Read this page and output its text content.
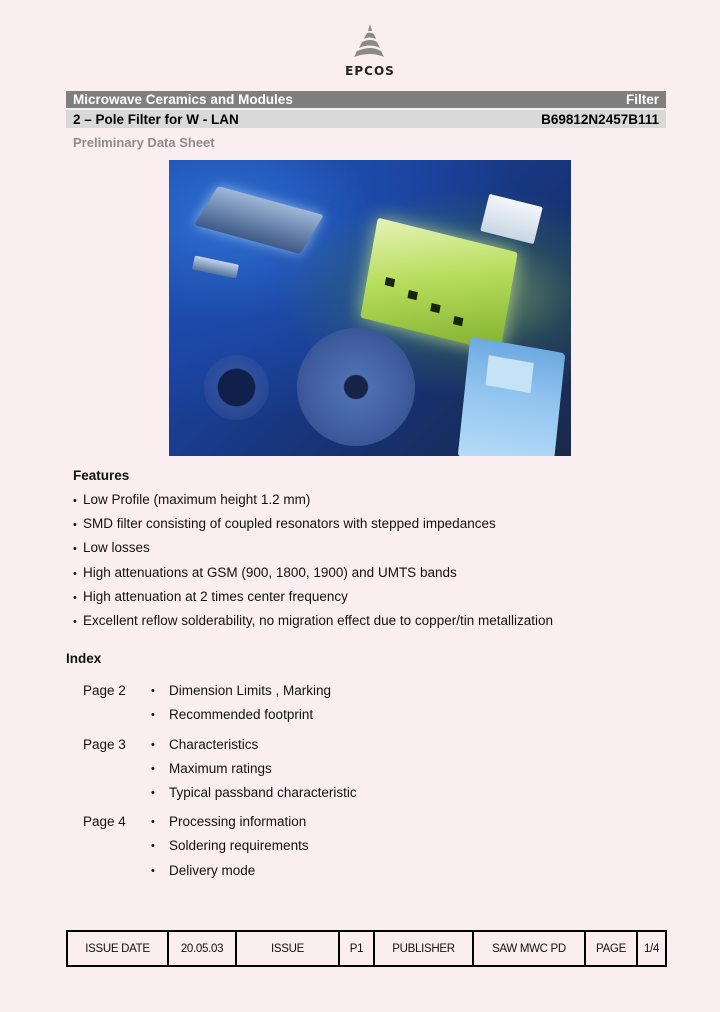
EPCOS
Microwave Ceramics and Modules	Filter
2 – Pole Filter for W - LAN	B69812N2457B111
Preliminary Data Sheet
Features
• Low Profile (maximum height 1.2 mm)
• SMD filter consisting of coupled resonators with stepped impedances
• Low losses
• High attenuations at GSM (900, 1800, 1900) and UMTS bands
• High attenuation at 2 times center frequency
• Excellent reflow solderability, no migration effect due to copper/tin metallization
Index
Page 2 • Dimension Limits , Marking
• Recommended footprint
Page 3 • Characteristics
• Maximum ratings
• Typical passband characteristic
Page 4 • Processing information
• Soldering requirements
• Delivery mode
ISSUE DATE	20.05.03	ISSUE	P1	PUBLISHER	SAW MWC PD	PAGE	1/4
